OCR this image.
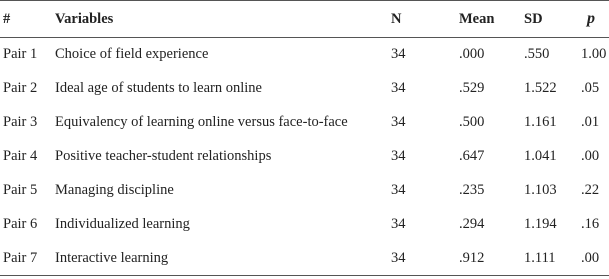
#	Variables	N	Mean	SD	p
Pair 1	Choice of field experience	34	.000	.550	1.00
Pair 2	Ideal age of students to learn online	34	.529	1.522	.05
Pair 3	Equivalency of learning online versus face-to-face	34	.500	1.161	.01
Pair 4	Positive teacher-student relationships	34	.647	1.041	.00
Pair 5	Managing discipline	34	.235	1.103	.22
Pair 6	Individualized learning	34	.294	1.194	.16
Pair 7	Interactive learning	34	.912	1.111	.00
